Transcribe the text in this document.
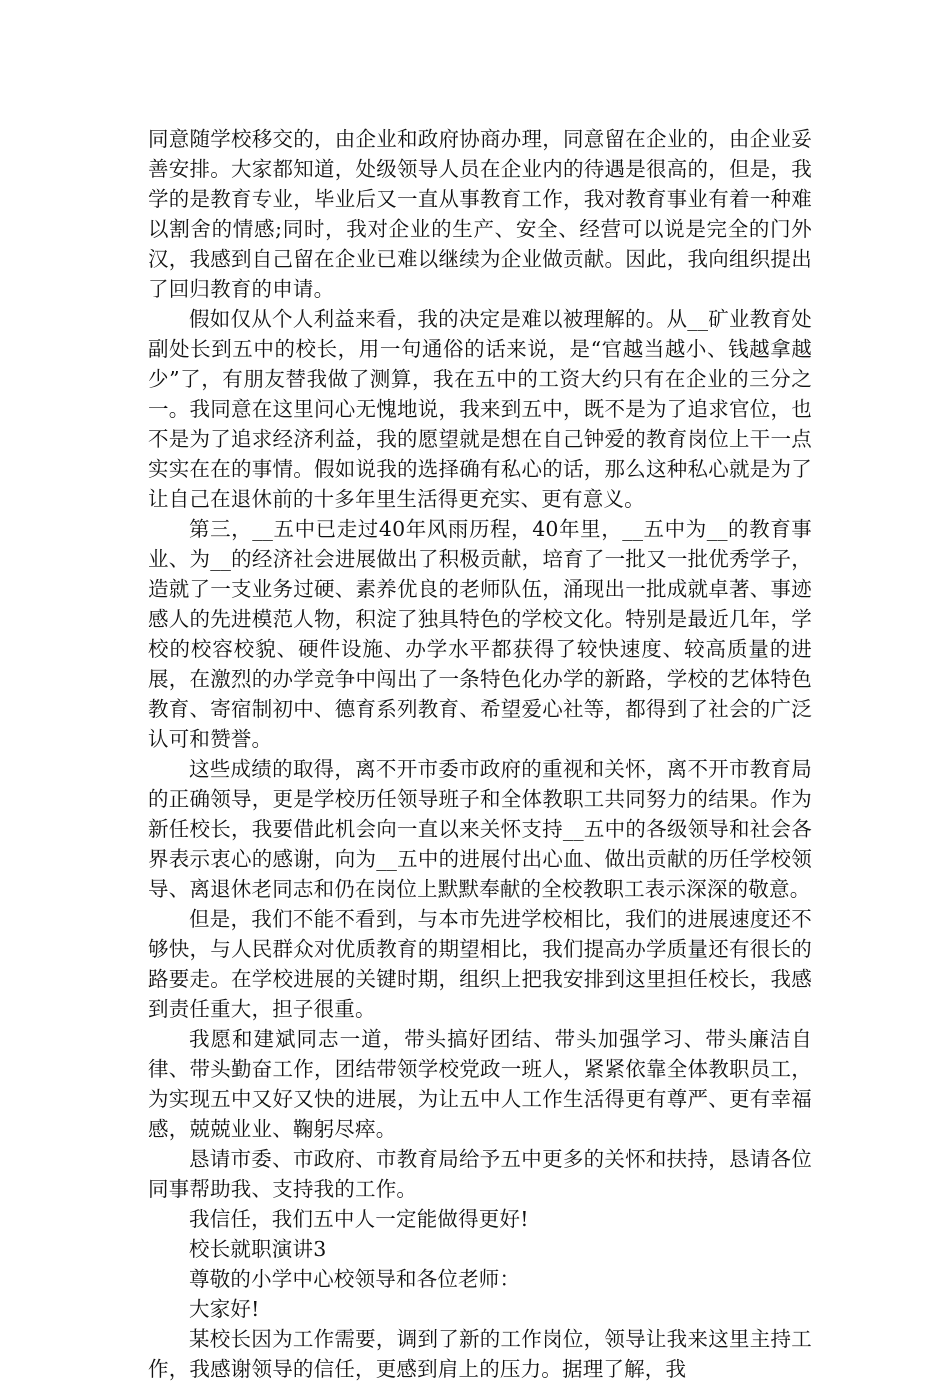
同意随学校移交的，由企业和政府协商办理，同意留在企业的，由企业妥善安排。大家都知道，处级领导人员在企业内的待遇是很高的，但是，我学的是教育专业，毕业后又一直从事教育工作，我对教育事业有着一种难以割舍的情感;同时，我对企业的生产、安全、经营可以说是完全的门外汉，我感到自己留在企业已难以继续为企业做贡献。因此，我向组织提出了回归教育的申请。

假如仅从个人利益来看，我的决定是难以被理解的。从__矿业教育处副处长到五中的校长，用一句通俗的话来说，是“官越当越小、钱越拿越少”了，有朋友替我做了测算，我在五中的工资大约只有在企业的三分之一。我同意在这里问心无愧地说，我来到五中，既不是为了追求官位，也不是为了追求经济利益，我的愿望就是想在自己钟爱的教育岗位上干一点实实在在的事情。假如说我的选择确有私心的话，那么这种私心就是为了让自己在退休前的十多年里生活得更充实、更有意义。

第三，__五中已走过40年风雨历程，40年里，__五中为__的教育事业、为__的经济社会进展做出了积极贡献，培育了一批又一批优秀学子，造就了一支业务过硬、素养优良的老师队伍，涌现出一批成就卓著、事迹感人的先进模范人物，积淀了独具特色的学校文化。特别是最近几年，学校的校容校貌、硬件设施、办学水平都获得了较快速度、较高质量的进展，在激烈的办学竞争中闯出了一条特色化办学的新路，学校的艺体特色教育、寄宿制初中、德育系列教育、希望爱心社等，都得到了社会的广泛认可和赞誉。

这些成绩的取得，离不开市委市政府的重视和关怀，离不开市教育局的正确领导，更是学校历任领导班子和全体教职工共同努力的结果。作为新任校长，我要借此机会向一直以来关怀支持__五中的各级领导和社会各界表示衷心的感谢，向为__五中的进展付出心血、做出贡献的历任学校领导、离退休老同志和仍在岗位上默默奉献的全校教职工表示深深的敬意。

但是，我们不能不看到，与本市先进学校相比，我们的进展速度还不够快，与人民群众对优质教育的期望相比，我们提高办学质量还有很长的路要走。在学校进展的关键时期，组织上把我安排到这里担任校长，我感到责任重大，担子很重。

我愿和建斌同志一道，带头搞好团结、带头加强学习、带头廉洁自律、带头勤奋工作，团结带领学校党政一班人，紧紧依靠全体教职员工，为实现五中又好又快的进展，为让五中人工作生活得更有尊严、更有幸福感，兢兢业业、鞠躬尽瘁。

恳请市委、市政府、市教育局给予五中更多的关怀和扶持，恳请各位同事帮助我、支持我的工作。

我信任，我们五中人一定能做得更好!

校长就职演讲3

尊敬的小学中心校领导和各位老师：

大家好!

某校长因为工作需要，调到了新的工作岗位，领导让我来这里主持工作，我感谢领导的信任，更感到肩上的压力。据理了解，我
